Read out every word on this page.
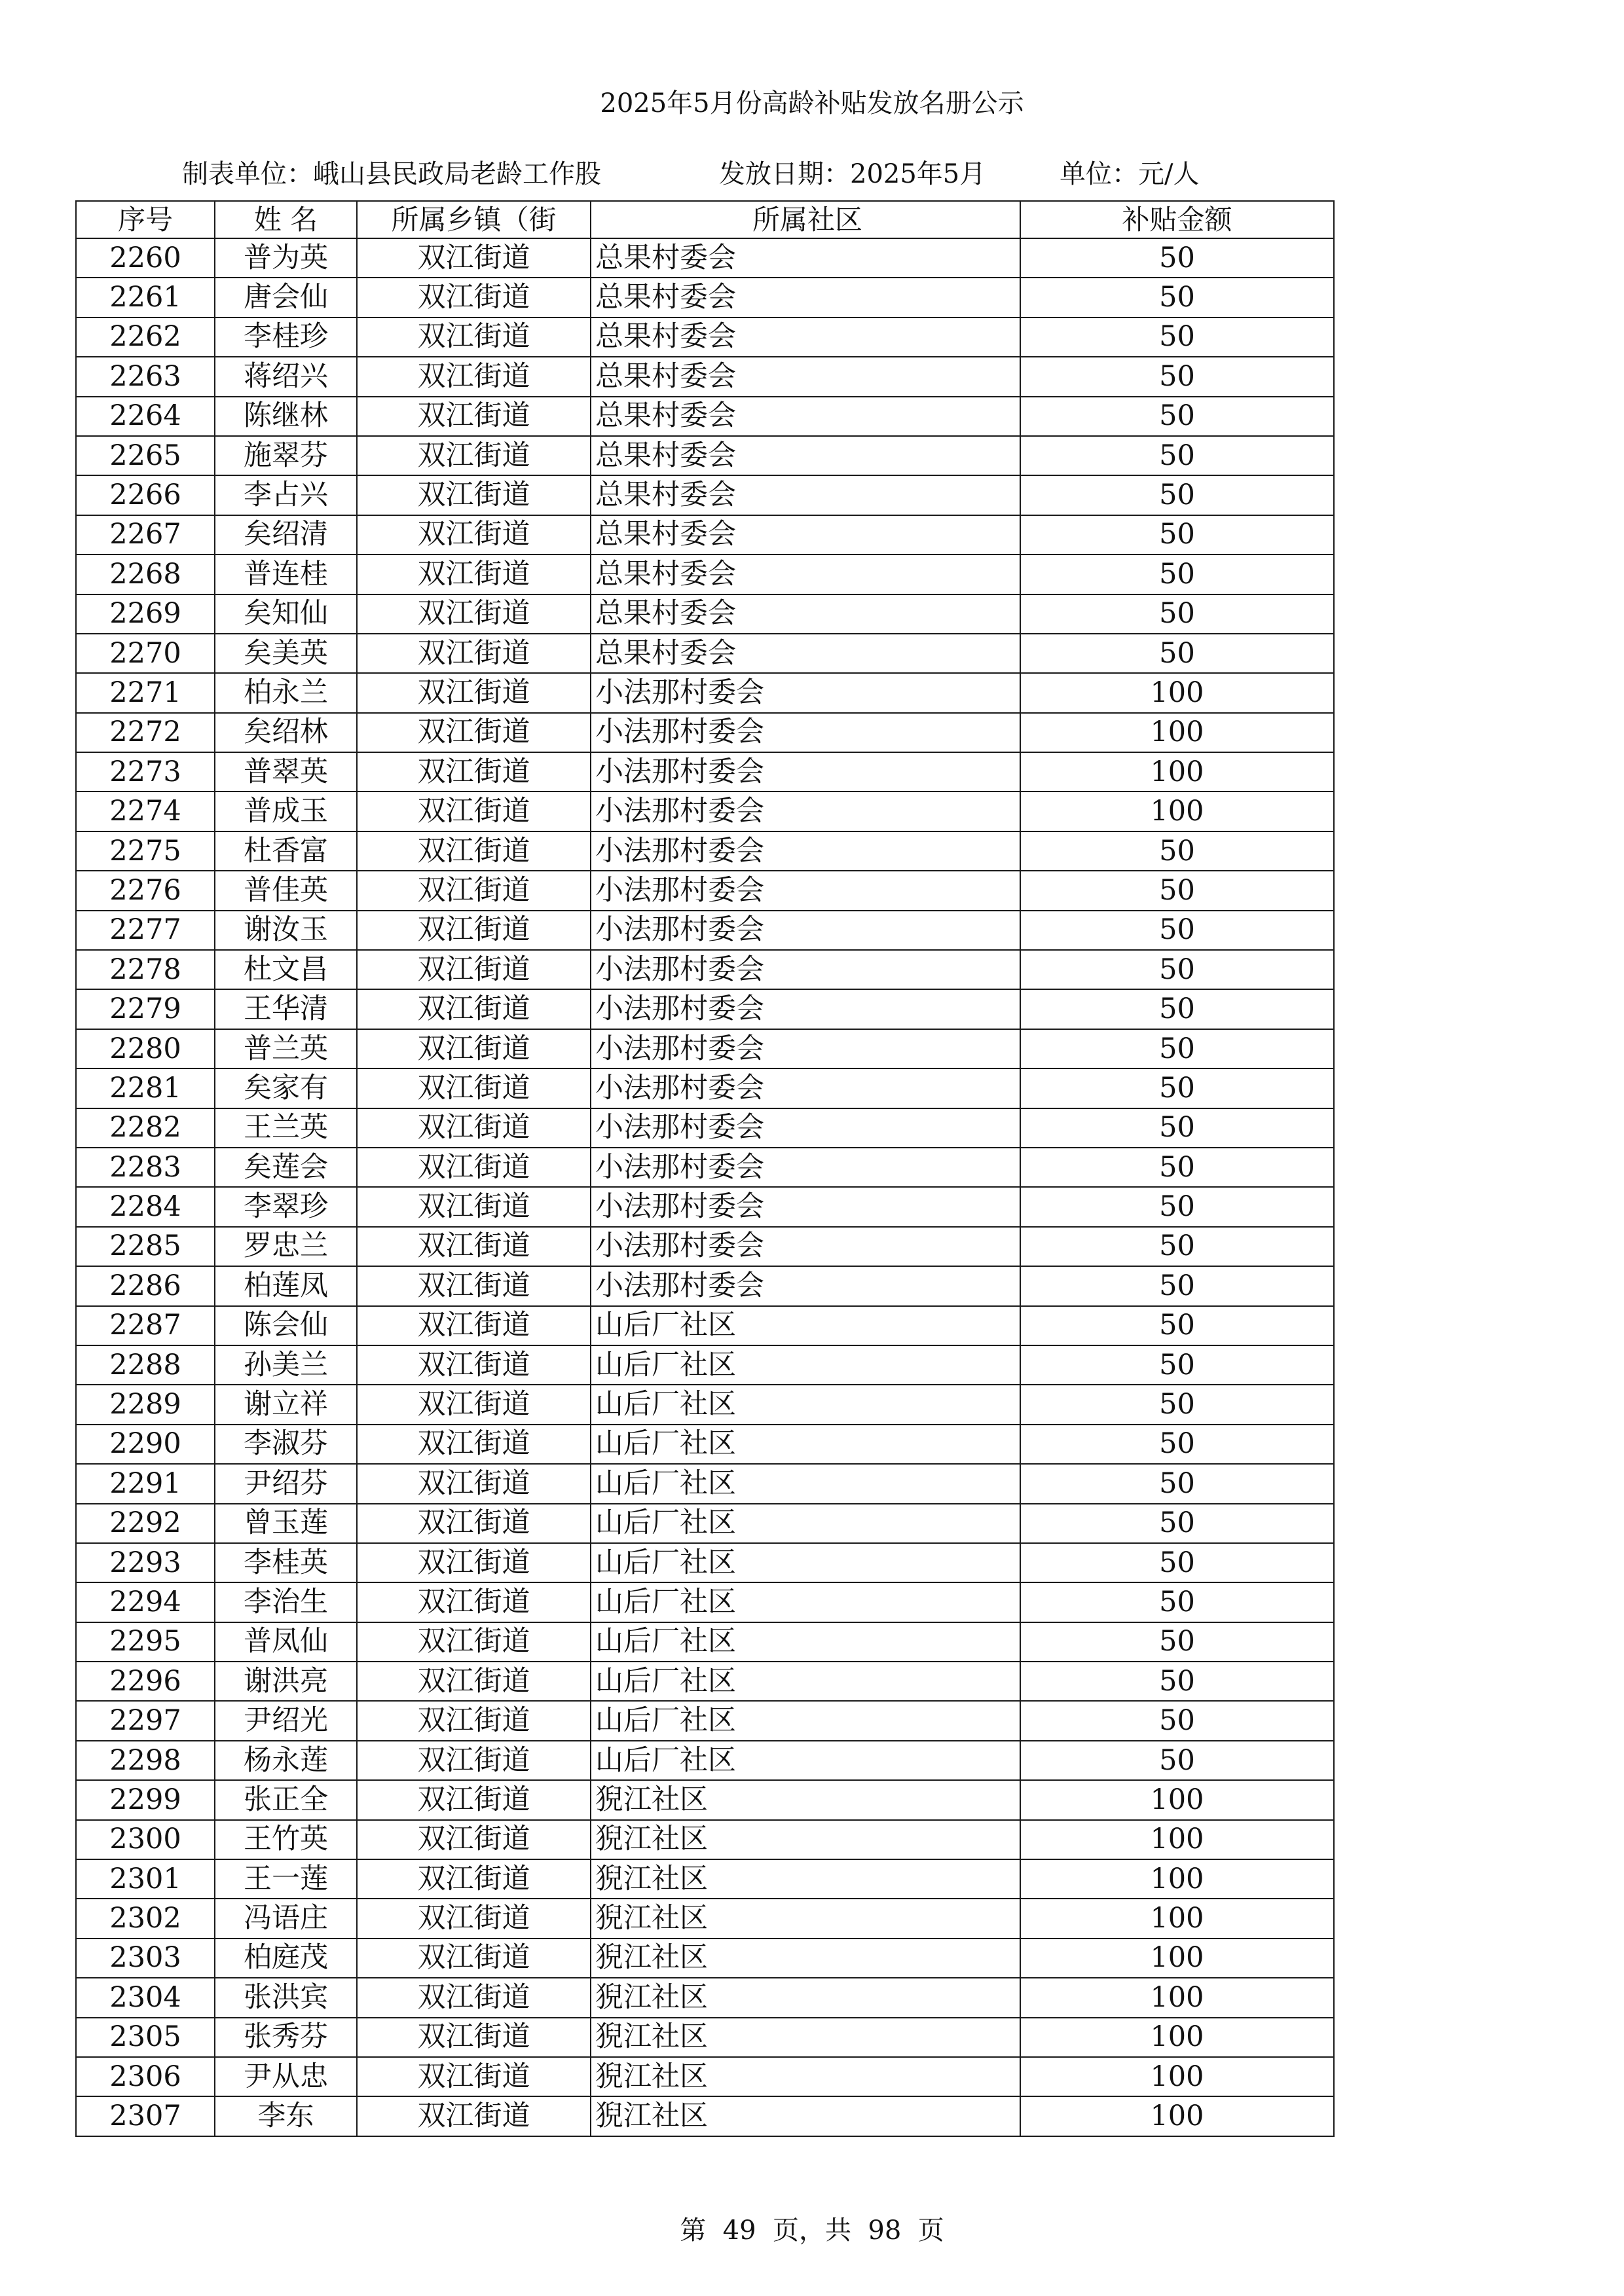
2025年5月份高龄补贴发放名册公示
制表单位：峨山县民政局老龄工作股	发放日期：2025年5月	单位：元/人
序号	姓 名	所属乡镇（街	所属社区	补贴金额
2260	普为英	双江街道	总果村委会	50
2261	唐会仙	双江街道	总果村委会	50
2262	李桂珍	双江街道	总果村委会	50
2263	蒋绍兴	双江街道	总果村委会	50
2264	陈继林	双江街道	总果村委会	50
2265	施翠芬	双江街道	总果村委会	50
2266	李占兴	双江街道	总果村委会	50
2267	矣绍清	双江街道	总果村委会	50
2268	普连桂	双江街道	总果村委会	50
2269	矣知仙	双江街道	总果村委会	50
2270	矣美英	双江街道	总果村委会	50
2271	柏永兰	双江街道	小法那村委会	100
2272	矣绍林	双江街道	小法那村委会	100
2273	普翠英	双江街道	小法那村委会	100
2274	普成玉	双江街道	小法那村委会	100
2275	杜香富	双江街道	小法那村委会	50
2276	普佳英	双江街道	小法那村委会	50
2277	谢汝玉	双江街道	小法那村委会	50
2278	杜文昌	双江街道	小法那村委会	50
2279	王华清	双江街道	小法那村委会	50
2280	普兰英	双江街道	小法那村委会	50
2281	矣家有	双江街道	小法那村委会	50
2282	王兰英	双江街道	小法那村委会	50
2283	矣莲会	双江街道	小法那村委会	50
2284	李翠珍	双江街道	小法那村委会	50
2285	罗忠兰	双江街道	小法那村委会	50
2286	柏莲凤	双江街道	小法那村委会	50
2287	陈会仙	双江街道	山后厂社区	50
2288	孙美兰	双江街道	山后厂社区	50
2289	谢立祥	双江街道	山后厂社区	50
2290	李淑芬	双江街道	山后厂社区	50
2291	尹绍芬	双江街道	山后厂社区	50
2292	曾玉莲	双江街道	山后厂社区	50
2293	李桂英	双江街道	山后厂社区	50
2294	李治生	双江街道	山后厂社区	50
2295	普凤仙	双江街道	山后厂社区	50
2296	谢洪亮	双江街道	山后厂社区	50
2297	尹绍光	双江街道	山后厂社区	50
2298	杨永莲	双江街道	山后厂社区	50
2299	张正全	双江街道	猊江社区	100
2300	王竹英	双江街道	猊江社区	100
2301	王一莲	双江街道	猊江社区	100
2302	冯语庄	双江街道	猊江社区	100
2303	柏庭茂	双江街道	猊江社区	100
2304	张洪宾	双江街道	猊江社区	100
2305	张秀芬	双江街道	猊江社区	100
2306	尹从忠	双江街道	猊江社区	100
2307	李东	双江街道	猊江社区	100
第  49  页，共  98  页
